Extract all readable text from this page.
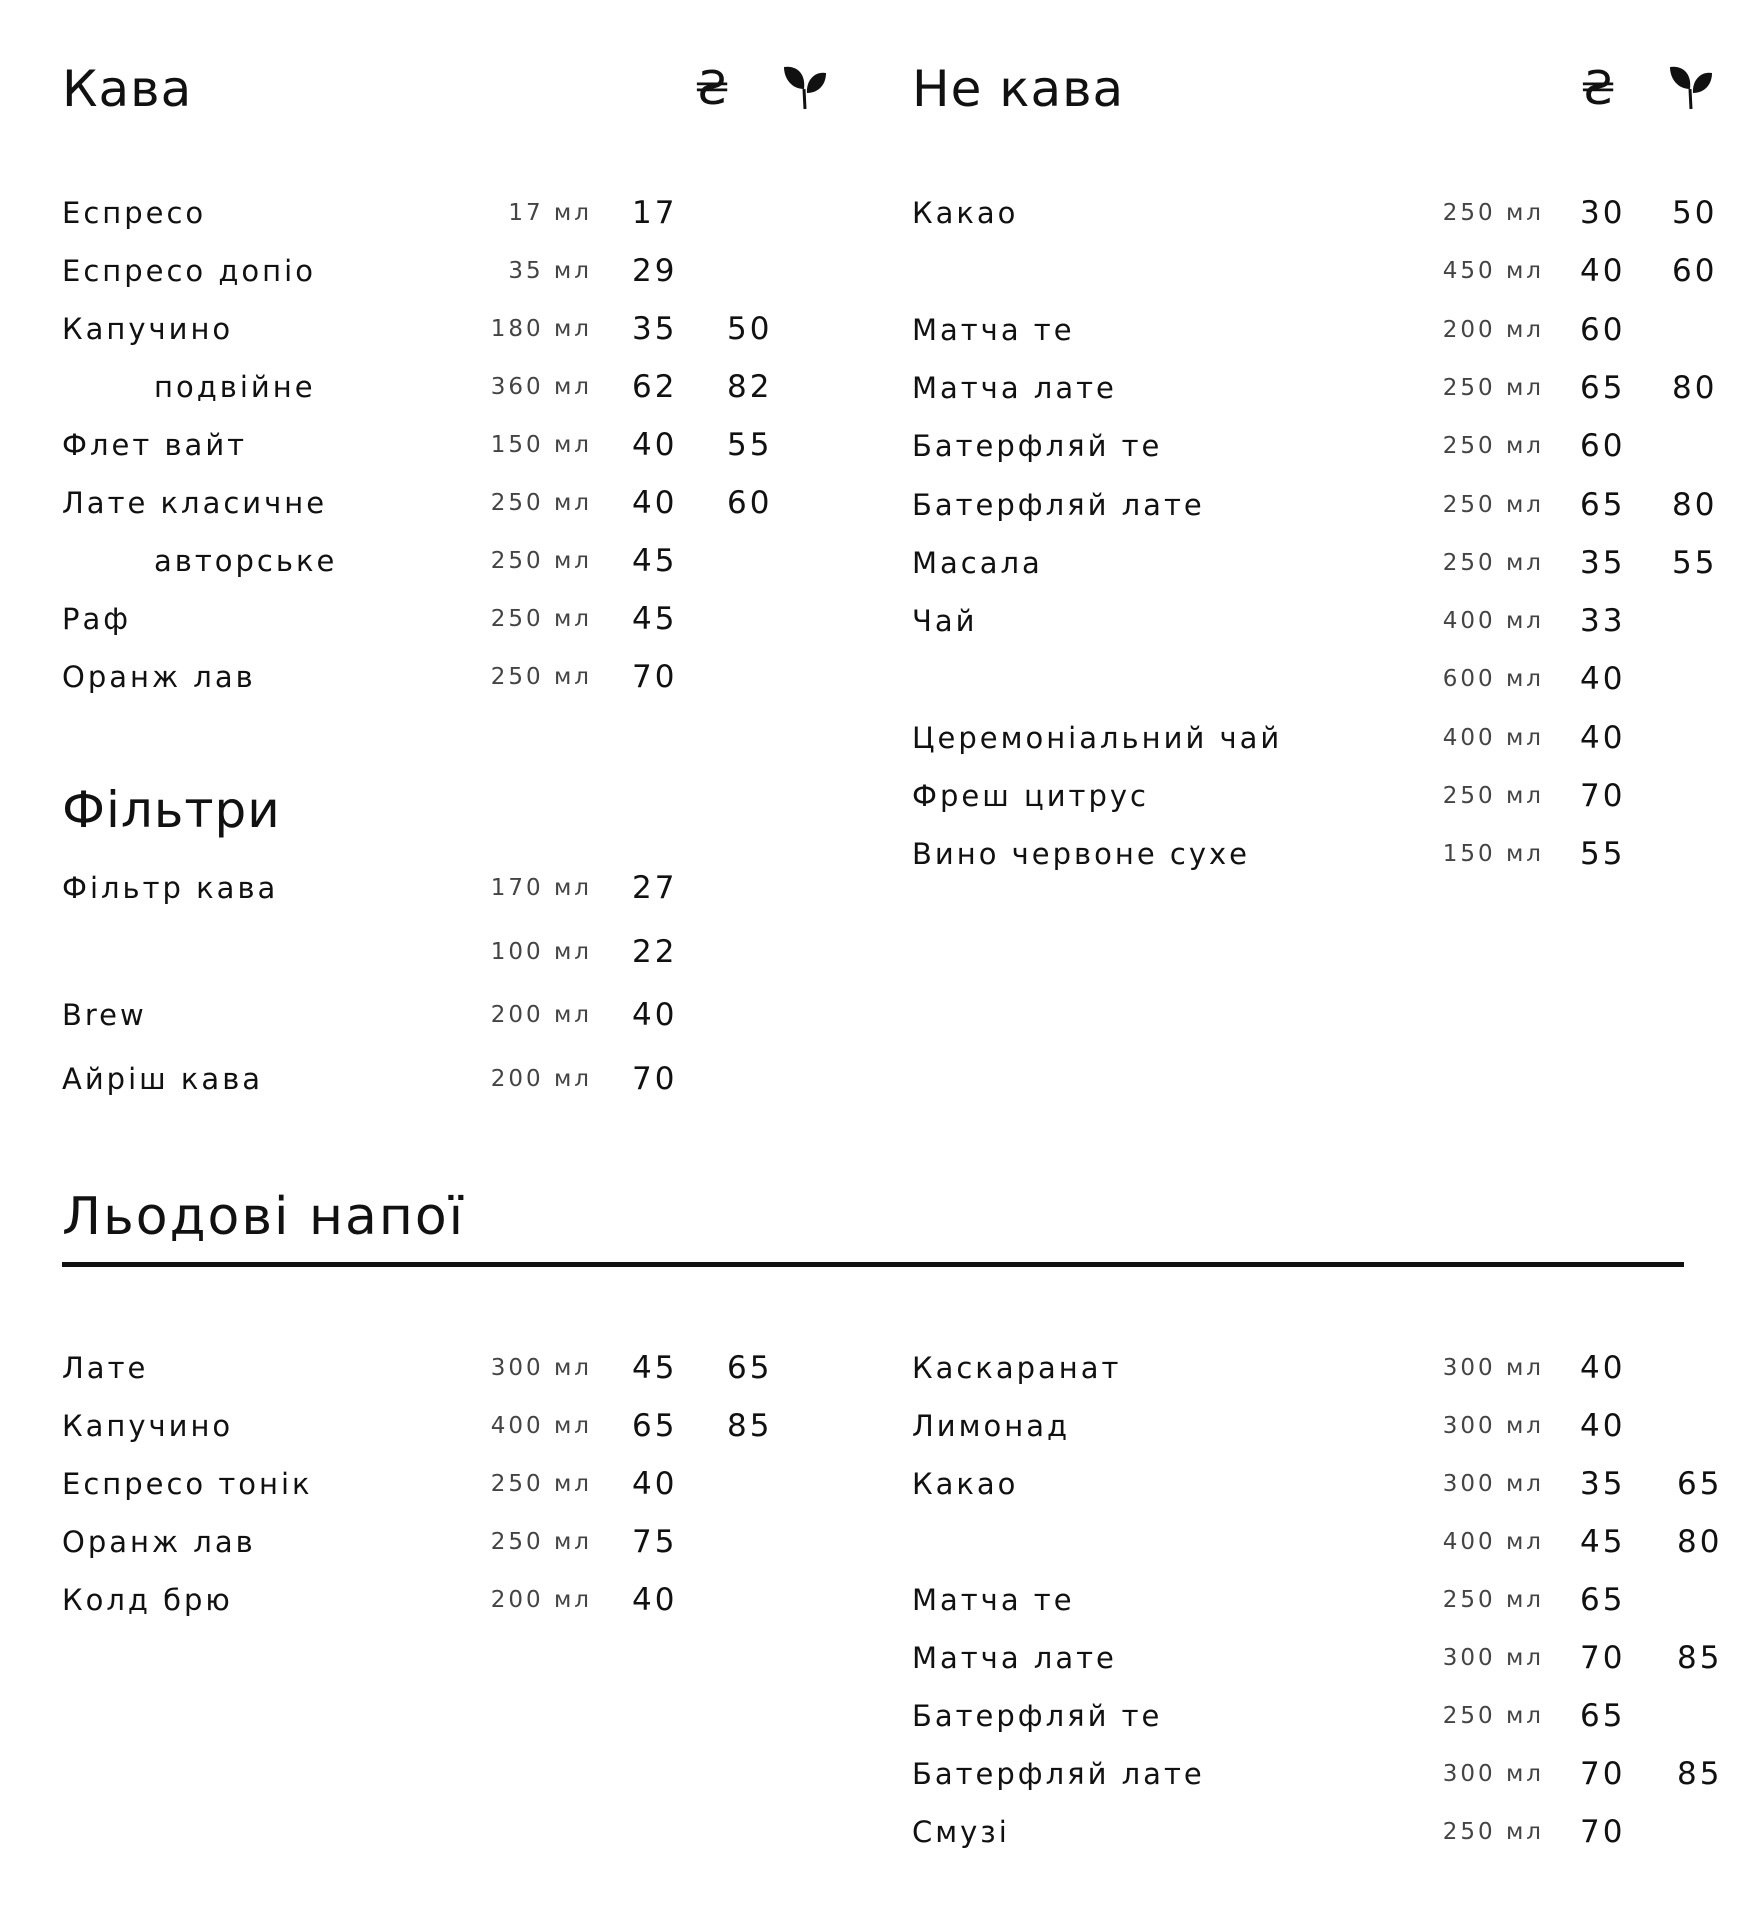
Кава	₴
Еспресо	17 мл 17
Еспресо допіо	35 мл 29
Капучино	180 мл 35 50
подвійне	360 мл 62 82
Флет вайт	150 мл 40 55
Лате класичне	250 мл 40 60
авторське	250 мл 45
Раф	250 мл 45
Оранж лав	250 мл 70
Фільтри
Фільтр кава	170 мл 27
100 мл 22
Brew	200 мл 40
Айріш кава	200 мл 70
Не кава	₴
Какао	250 мл 30 50
450 мл 40 60
Матча те	200 мл 60
Матча лате	250 мл 65 80
Батерфляй те	250 мл 60
Батерфляй лате	250 мл 65 80
Масала	250 мл 35 55
Чай	400 мл 33
600 мл 40
Церемоніальний чай	400 мл 40
Фреш цитрус	250 мл 70
Вино червоне сухе	150 мл 55
Льодові напої
Лате	300 мл 45 65
Капучино	400 мл 65 85
Еспресо тонік	250 мл 40
Оранж лав	250 мл 75
Колд брю	200 мл 40
Каскаранат	300 мл 40
Лимонад	300 мл 40
Какао	300 мл 35 65
400 мл 45 80
Матча те	250 мл 65
Матча лате	300 мл 70 85
Батерфляй те	250 мл 65
Батерфляй лате	300 мл 70 85
Смузі	250 мл 70
